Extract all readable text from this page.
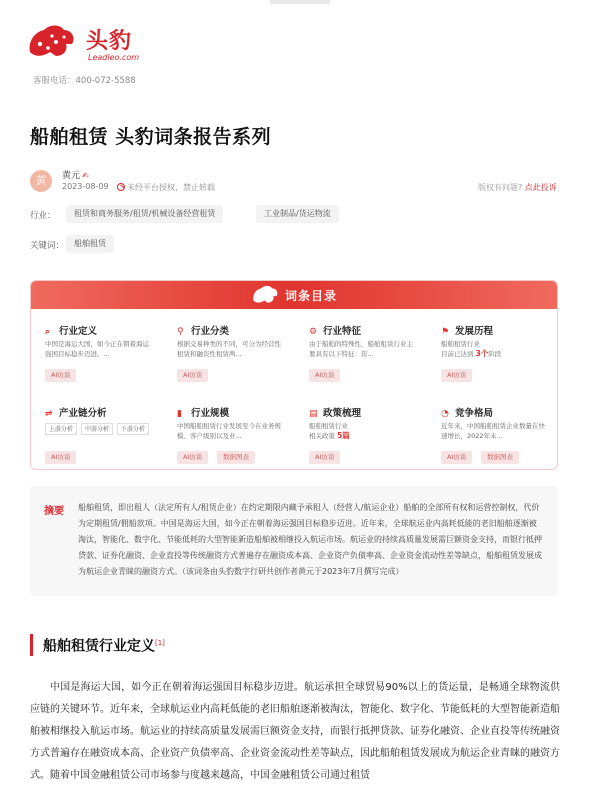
头豹
Leadleo.com
客服电话：400-072-5588
船舶租赁 头豹词条报告系列
黄	黄元 ✍
2023-08-09	未经平台授权，禁止转载	版权有问题? 点此投诉
行业：	租赁和商务服务/租赁/机械设备经营租赁	工业制品/货运物流
关键词：	船舶租赁
词条目录
⌕ 行业定义
中国是海运大国，如今正在朝着海运强国目标稳步迈进。...
AI访谈
⚲ 行业分类
根据交易种类的不同，可分为经营性租赁和融资性租赁两...
AI访谈
⚙ 行业特征
由于船舶的特殊性，船舶租赁行业主要具有以下特征：资...
AI访谈
⚑ 发展历程
船舶租赁行业
目前已达到 3个阶段
AI访谈
⇌ 产业链分析
上游分析	中游分析	下游分析
AI访谈
▮ 行业规模
中国船舶租赁行业发展至今在业务规模、客户级别以及业...
AI访谈	数据图表
▤ 政策梳理
船舶租赁行业
相关政策 5篇
AI访谈
◔ 竞争格局
近年来，中国船舶租赁企业数量在快速增长，2022年未...
AI访谈	数据图表
摘要 船舶租赁，即出租人（法定所有人/租赁企业）在约定期限内藏予承租人（经营人/航运企业）船舶的全部所有权和运营控制权，代价为定期租赁/佣船款项。中国是海运大国，如今正在朝着海运强国目标稳步迈进。近年来，全球航运业内高耗低能的老旧船舶逐渐被淘汰，智能化、数字化、节能低耗的大型智能新造船舶被相继投入航运市场。航运业的持续高质量发展需巨额资金支持，而银行抵押贷款、证券化融资、企业直投等传统融资方式普遍存在融资成本高、企业资产负债率高、企业资金流动性差等缺点，船舶租赁发展成为航运企业青睐的融资方式。（该词条由头豹数字行研共创作者黄元于2023年7月撰写完成）

船舶租赁行业定义[1]

中国是海运大国，如今正在朝着海运强国目标稳步迈进。航运承担全球贸易90%以上的货运量，是畅通全球物流供应链的关键环节。近年来，全球航运业内高耗低能的老旧船舶逐渐被淘汰，智能化、数字化、节能低耗的大型智能新造船舶被相继投入航运市场。航运业的持续高质量发展需巨额资金支持，而银行抵押贷款、证券化融资、企业直投等传统融资方式普遍存在融资成本高、企业资产负债率高、企业资金流动性差等缺点，因此船舶租赁发展成为航运企业青睐的融资方式。随着中国金融租赁公司市场参与度越来越高，中国金融租赁公司通过租赁
